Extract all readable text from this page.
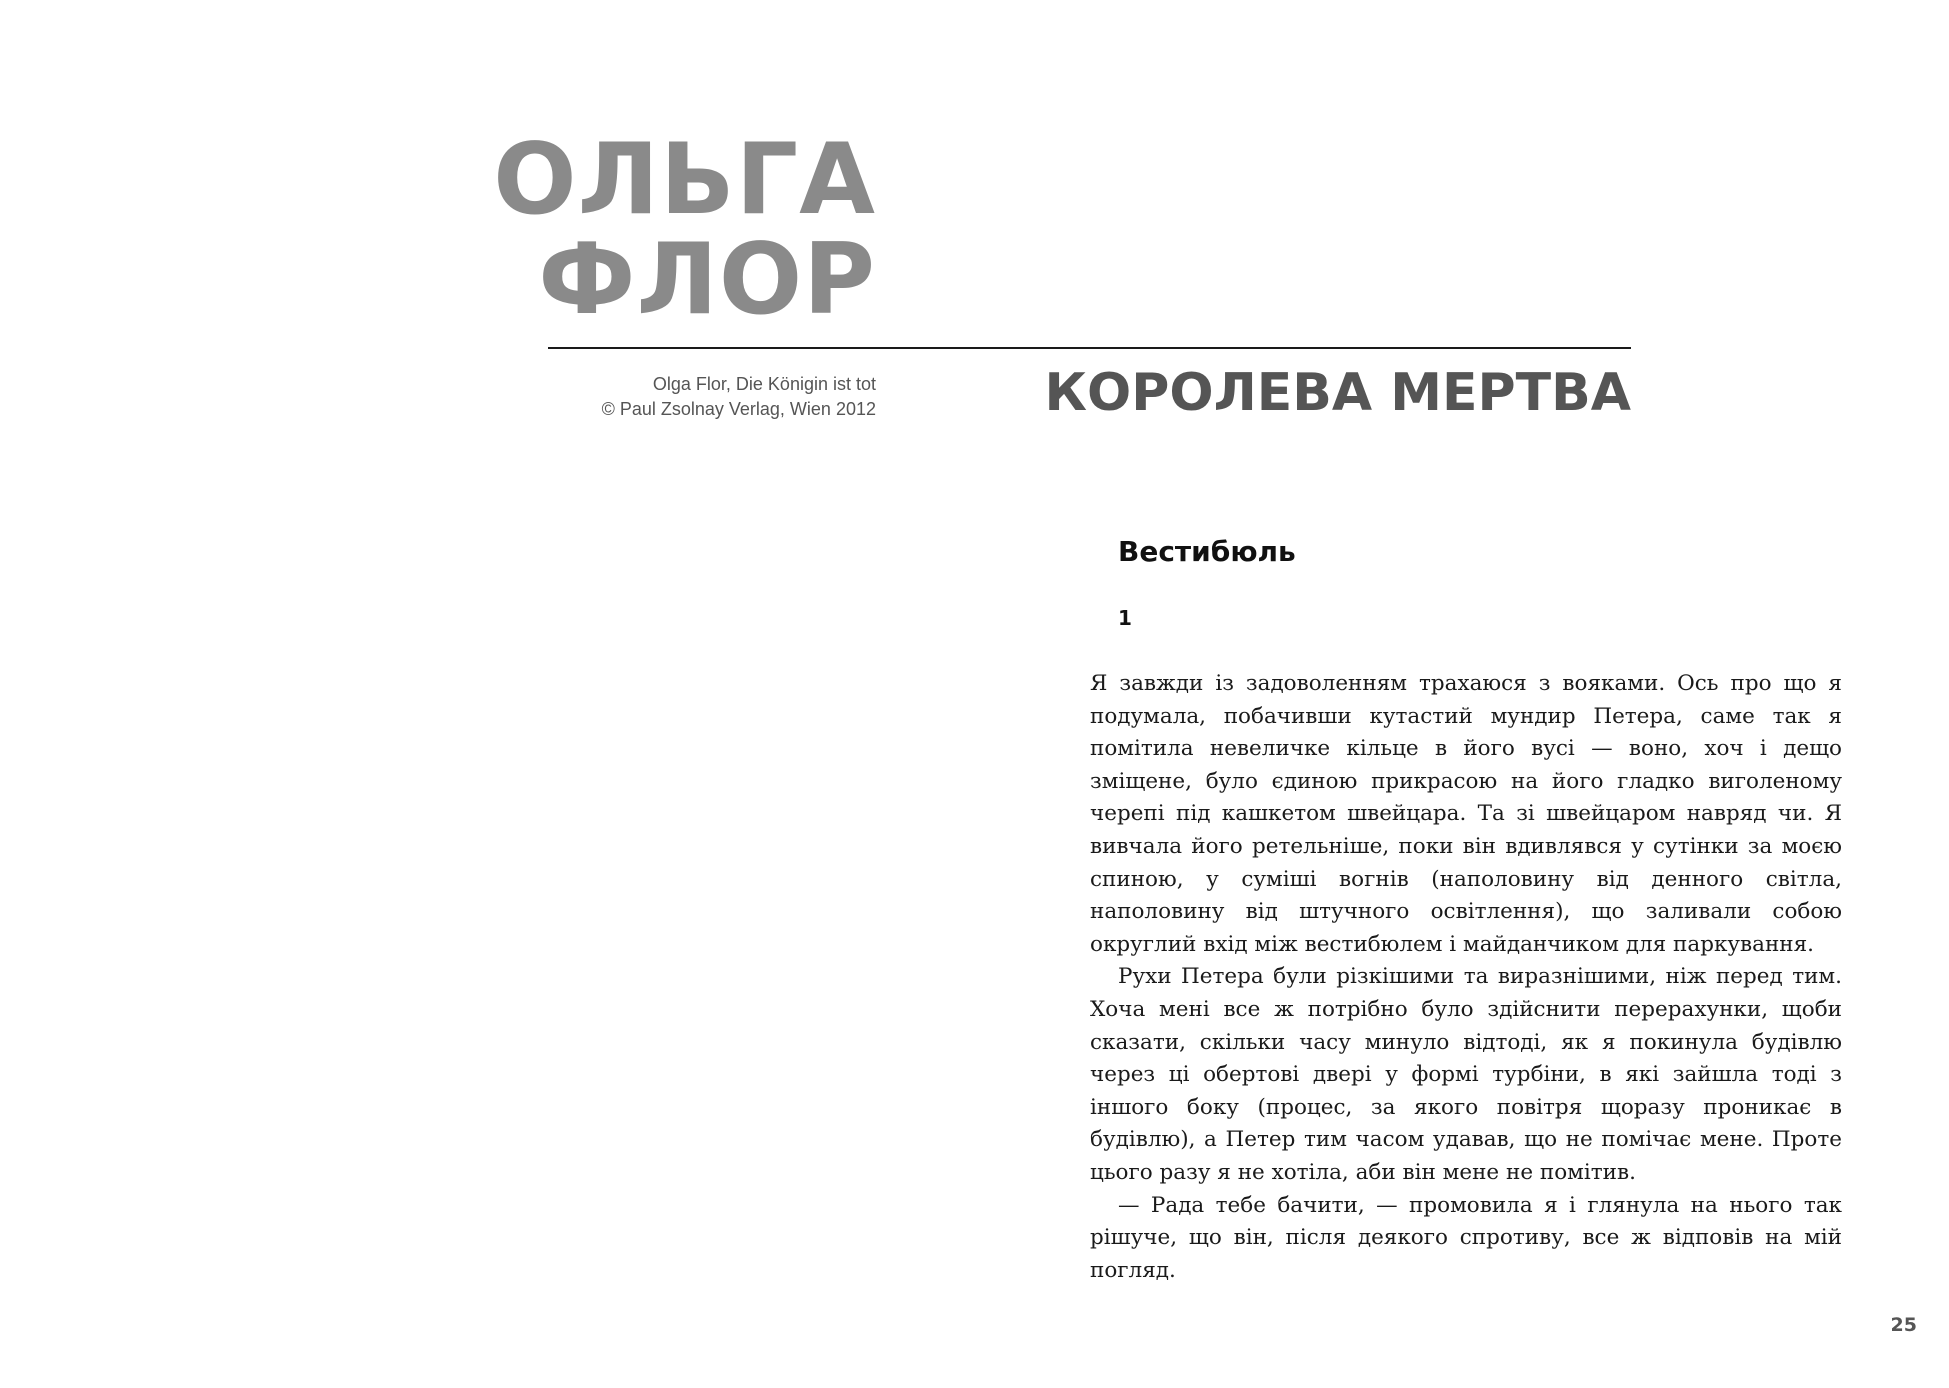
ОЛЬГА
ФЛОР
Olga Flor, Die Königin ist tot
© Paul Zsolnay Verlag, Wien 2012	КОРОЛЕВА МЕРТВА
Вестибюль
1

Я завжди із задоволенням трахаюся з вояками. Ось про що я подумала, побачивши кутастий мундир Петера, саме так я помітила невеличке кільце в його вусі — воно, хоч і дещо зміщене, було єдиною прикрасою на його гладко виголеному черепі під кашкетом швейцара. Та зі швейцаром навряд чи. Я вивчала його ретельніше, поки він вдивлявся у сутінки за моєю спиною, у суміші вогнів (наполовину від денного світла, наполовину від штучного освітлення), що заливали собою округлий вхід між вестибюлем і майданчиком для паркування.

Рухи Петера були різкішими та виразнішими, ніж перед тим. Хоча мені все ж потрібно було здійснити перерахунки, щоби сказати, скільки часу минуло відтоді, як я покинула будівлю через ці обертові двері у формі турбіни, в які зайшла тоді з іншого боку (процес, за якого повітря щоразу проникає в будівлю), а Петер тим часом удавав, що не помічає мене. Проте цього разу я не хотіла, аби він мене не помітив.

— Рада тебе бачити, — промовила я і глянула на нього так рішуче, що він, після деякого спротиву, все ж відповів на мій погляд.

25
